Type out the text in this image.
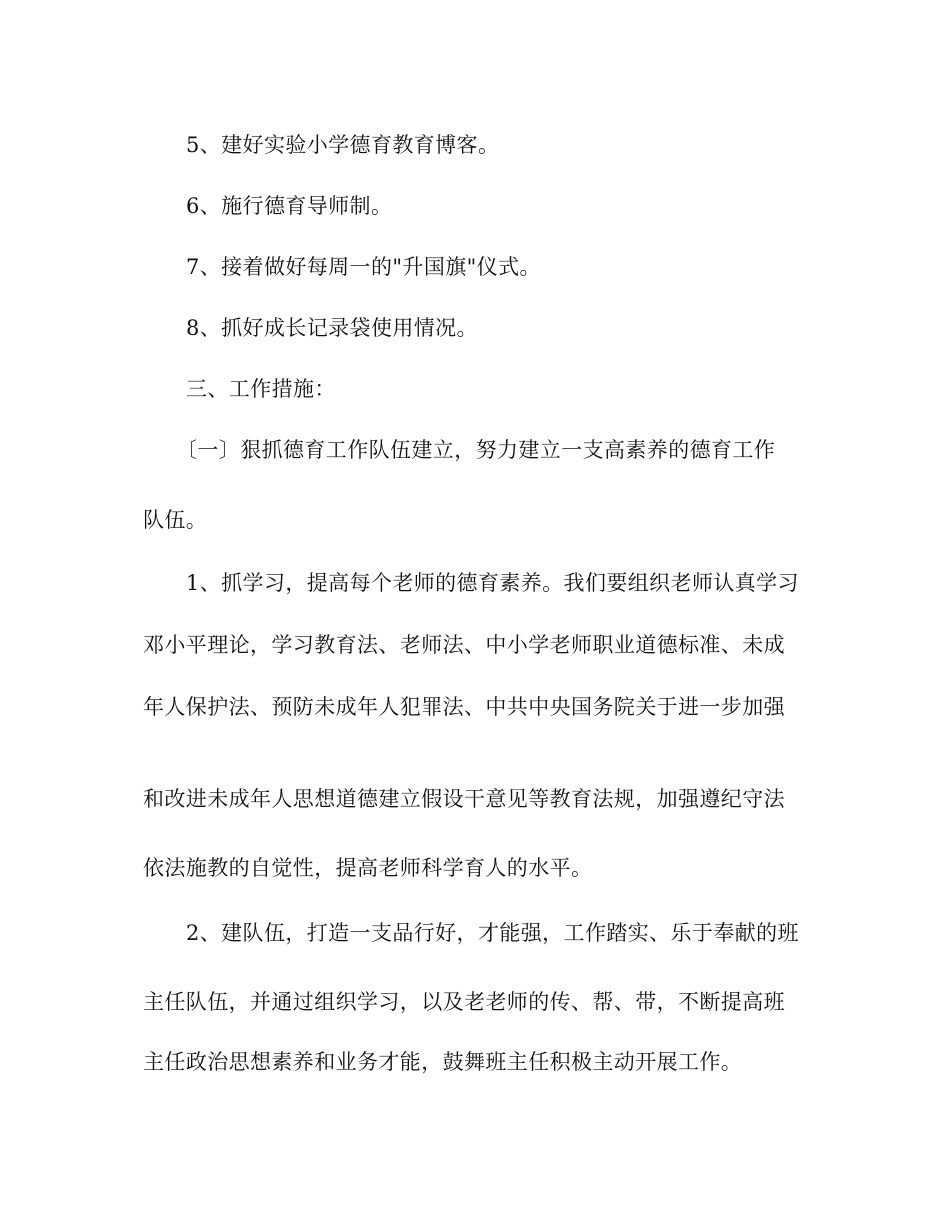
5、建好实验小学德育教育博客。
6、施行德育导师制。
7、接着做好每周一的"升国旗"仪式。
8、抓好成长记录袋使用情况。
三、工作措施：
〔一〕狠抓德育工作队伍建立，努力建立一支高素养的德育工作
队伍。
1、抓学习，提高每个老师的德育素养。我们要组织老师认真学习
邓小平理论，学习教育法、老师法、中小学老师职业道德标准、未成
年人保护法、预防未成年人犯罪法、中共中央国务院关于进一步加强
和改进未成年人思想道德建立假设干意见等教育法规，加强遵纪守法
依法施教的自觉性，提高老师科学育人的水平。
2、建队伍，打造一支品行好，才能强，工作踏实、乐于奉献的班
主任队伍，并通过组织学习，以及老老师的传、帮、带，不断提高班
主任政治思想素养和业务才能，鼓舞班主任积极主动开展工作。
